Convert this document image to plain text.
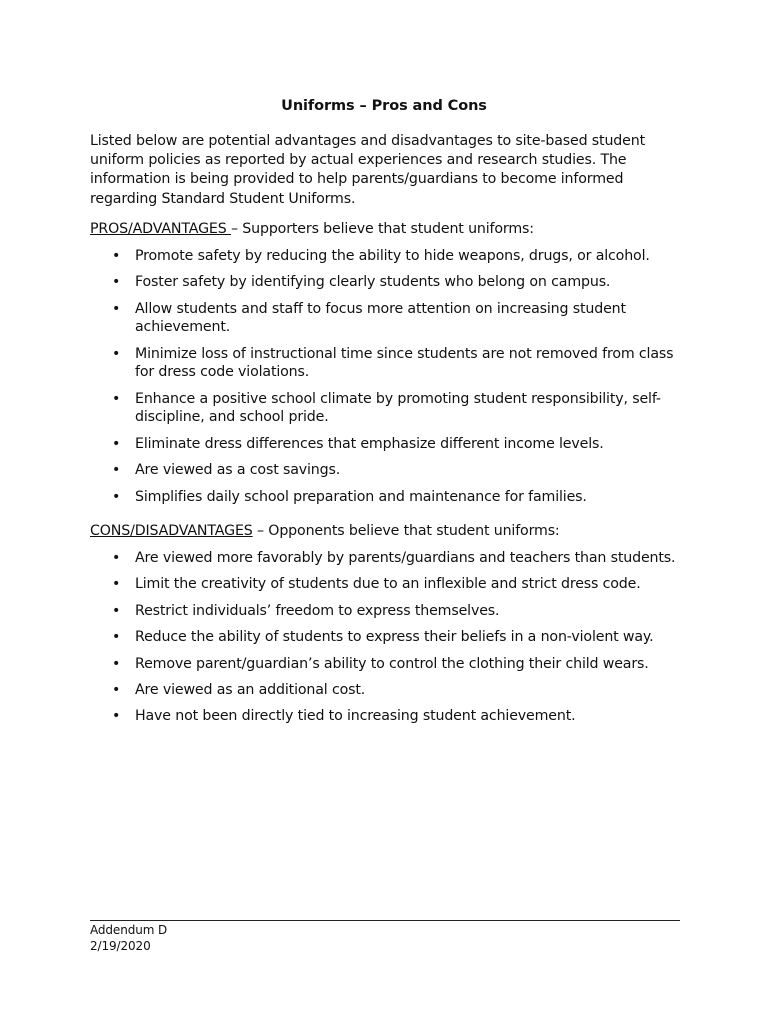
Uniforms – Pros and Cons
Listed below are potential advantages and disadvantages to site-based student uniform policies as reported by actual experiences and research studies. The information is being provided to help parents/guardians to become informed regarding Standard Student Uniforms.
PROS/ADVANTAGES – Supporters believe that student uniforms:
• Promote safety by reducing the ability to hide weapons, drugs, or alcohol.
• Foster safety by identifying clearly students who belong on campus.
• Allow students and staff to focus more attention on increasing student achievement.
• Minimize loss of instructional time since students are not removed from class for dress code violations.
• Enhance a positive school climate by promoting student responsibility, self-discipline, and school pride.
• Eliminate dress differences that emphasize different income levels.
• Are viewed as a cost savings.
• Simplifies daily school preparation and maintenance for families.
CONS/DISADVANTAGES – Opponents believe that student uniforms:
• Are viewed more favorably by parents/guardians and teachers than students.
• Limit the creativity of students due to an inflexible and strict dress code.
• Restrict individuals’ freedom to express themselves.
• Reduce the ability of students to express their beliefs in a non-violent way.
• Remove parent/guardian’s ability to control the clothing their child wears.
• Are viewed as an additional cost.
• Have not been directly tied to increasing student achievement.
Addendum D
2/19/2020
